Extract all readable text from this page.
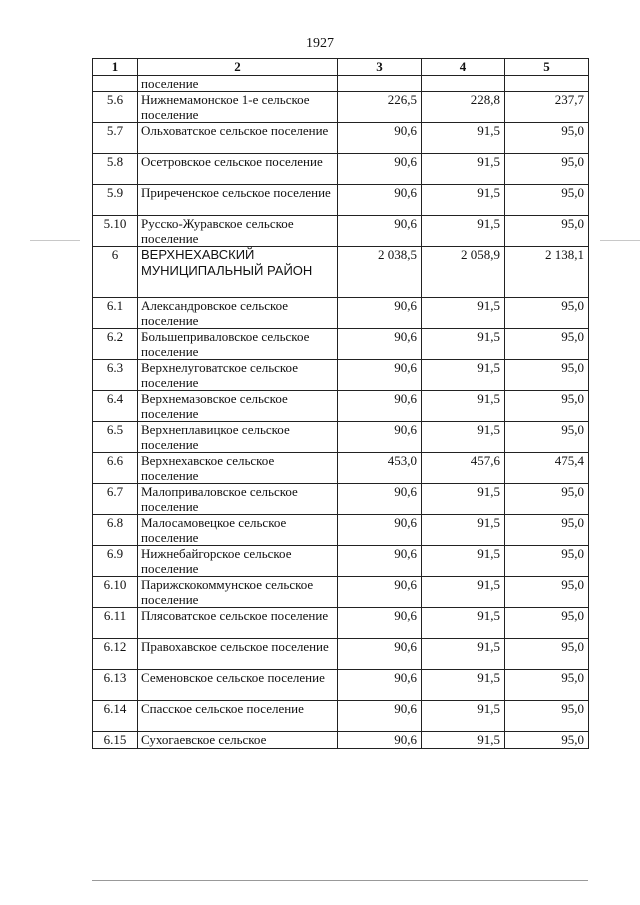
1927
1	2	3	4	5
	поселение			
5.6	Нижнемамонское 1-е сельское поселение	226,5	228,8	237,7
5.7	Ольховатское сельское поселение	90,6	91,5	95,0
5.8	Осетровское сельское поселение	90,6	91,5	95,0
5.9	Приреченское сельское поселение	90,6	91,5	95,0
5.10	Русско-Журавское сельское поселение	90,6	91,5	95,0
6	ВЕРХНЕХАВСКИЙ МУНИЦИПАЛЬНЫЙ РАЙОН	2 038,5	2 058,9	2 138,1
6.1	Александровское сельское поселение	90,6	91,5	95,0
6.2	Большеприваловское сельское поселение	90,6	91,5	95,0
6.3	Верхнелуговатское сельское поселение	90,6	91,5	95,0
6.4	Верхнемазовское сельское поселение	90,6	91,5	95,0
6.5	Верхнеплавицкое сельское поселение	90,6	91,5	95,0
6.6	Верхнехавское сельское поселение	453,0	457,6	475,4
6.7	Малоприваловское сельское поселение	90,6	91,5	95,0
6.8	Малосамовецкое сельское поселение	90,6	91,5	95,0
6.9	Нижнебайгорское сельское поселение	90,6	91,5	95,0
6.10	Парижскокоммунское сельское поселение	90,6	91,5	95,0
6.11	Плясоватское сельское поселение	90,6	91,5	95,0
6.12	Правохавское сельское поселение	90,6	91,5	95,0
6.13	Семеновское сельское поселение	90,6	91,5	95,0
6.14	Спасское сельское поселение	90,6	91,5	95,0
6.15	Сухогаевское сельское	90,6	91,5	95,0
